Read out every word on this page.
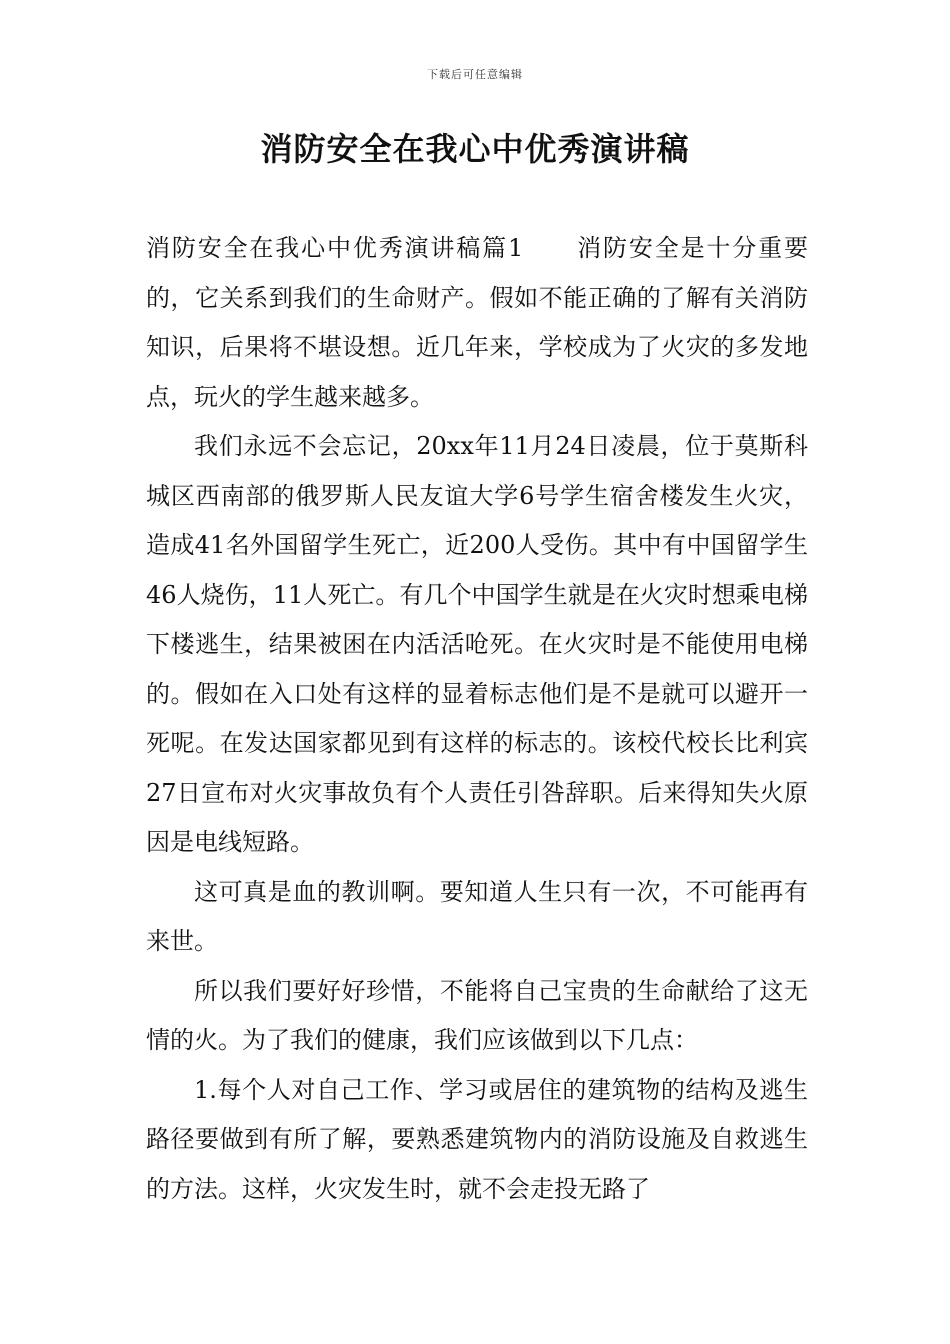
下载后可任意编辑
消防安全在我心中优秀演讲稿

消防安全在我心中优秀演讲稿篇1 消防安全是十分重要的，它关系到我们的生命财产。假如不能正确的了解有关消防知识，后果将不堪设想。近几年来，学校成为了火灾的多发地点，玩火的学生越来越多。

我们永远不会忘记，20xx年11月24日凌晨，位于莫斯科城区西南部的俄罗斯人民友谊大学6号学生宿舍楼发生火灾，造成41名外国留学生死亡，近200人受伤。其中有中国留学生46人烧伤，11人死亡。有几个中国学生就是在火灾时想乘电梯下楼逃生，结果被困在内活活呛死。在火灾时是不能使用电梯的。假如在入口处有这样的显着标志他们是不是就可以避开一死呢。在发达国家都见到有这样的标志的。该校代校长比利宾27日宣布对火灾事故负有个人责任引咎辞职。后来得知失火原因是电线短路。

这可真是血的教训啊。要知道人生只有一次，不可能再有来世。

所以我们要好好珍惜，不能将自己宝贵的生命献给了这无情的火。为了我们的健康，我们应该做到以下几点：

1.每个人对自己工作、学习或居住的建筑物的结构及逃生路径要做到有所了解，要熟悉建筑物内的消防设施及自救逃生的方法。这样，火灾发生时，就不会走投无路了
